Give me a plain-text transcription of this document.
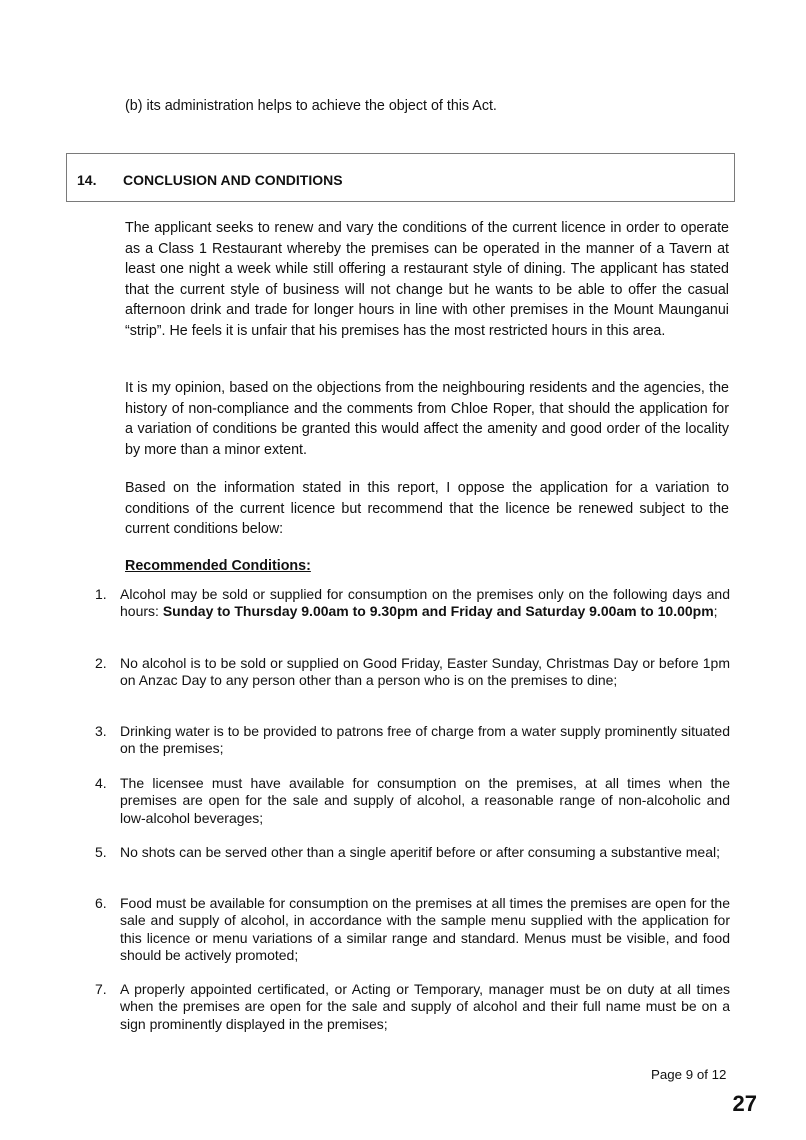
(b) its administration helps to achieve the object of this Act.
14. CONCLUSION AND CONDITIONS

The applicant seeks to renew and vary the conditions of the current licence in order to operate as a Class 1 Restaurant whereby the premises can be operated in the manner of a Tavern at least one night a week while still offering a restaurant style of dining. The applicant has stated that the current style of business will not change but he wants to be able to offer the casual afternoon drink and trade for longer hours in line with other premises in the Mount Maunganui “strip”. He feels it is unfair that his premises has the most restricted hours in this area.

It is my opinion, based on the objections from the neighbouring residents and the agencies, the history of non-compliance and the comments from Chloe Roper, that should the application for a variation of conditions be granted this would affect the amenity and good order of the locality by more than a minor extent.

Based on the information stated in this report, I oppose the application for a variation to conditions of the current licence but recommend that the licence be renewed subject to the current conditions below:

Recommended Conditions:
1. Alcohol may be sold or supplied for consumption on the premises only on the following days and hours: Sunday to Thursday 9.00am to 9.30pm and Friday and Saturday 9.00am to 10.00pm;
2. No alcohol is to be sold or supplied on Good Friday, Easter Sunday, Christmas Day or before 1pm on Anzac Day to any person other than a person who is on the premises to dine;
3. Drinking water is to be provided to patrons free of charge from a water supply prominently situated on the premises;
4. The licensee must have available for consumption on the premises, at all times when the premises are open for the sale and supply of alcohol, a reasonable range of non-alcoholic and low-alcohol beverages;
5. No shots can be served other than a single aperitif before or after consuming a substantive meal;
6. Food must be available for consumption on the premises at all times the premises are open for the sale and supply of alcohol, in accordance with the sample menu supplied with the application for this licence or menu variations of a similar range and standard. Menus must be visible, and food should be actively promoted;
7. A properly appointed certificated, or Acting or Temporary, manager must be on duty at all times when the premises are open for the sale and supply of alcohol and their full name must be on a sign prominently displayed in the premises;
Page 9 of 12
27
